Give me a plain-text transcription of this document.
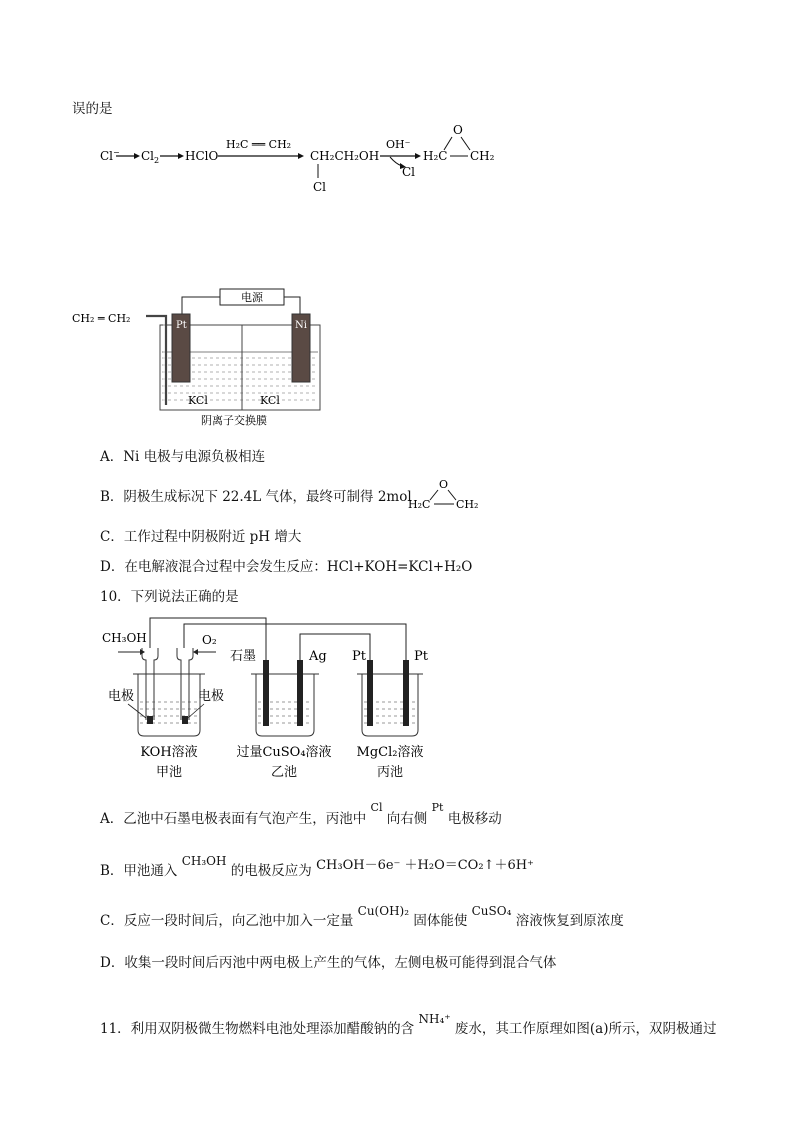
误的是
Cl− $Cl_2$ HClO
H₂C ══ CH₂
CH₂CH₂OH
Cl
OH⁻
Cl
O
H₂C CH₂
电源
Pt	Ni
CH₂ ═ CH₂
KCl	KCl
阴离子交换膜
A．Ni 电极与电源负极相连
B．阴极生成标况下 22.4L 气体，最终可制得 2mol
O
H₂C CH₂
C．工作过程中阴极附近 pH 增大
D．在电解液混合过程中会发生反应：HCl+KOH=KCl+H₂O
10．下列说法正确的是
CH₃OH	O₂
电极	电极
KOH溶液
甲池
石墨	Ag
过量CuSO₄溶液
乙池
Pt	Pt
MgCl₂溶液
丙池
A．乙池中石墨电极表面有气泡产生，丙池中 $^{Cl}$ 向右侧 $^{Pt}$ 电极移动
B．甲池通入 CH₃OH 的电极反应为 CH₃OH－6e⁻ ＋H₂O＝CO₂↑＋6H⁺
C．反应一段时间后，向乙池中加入一定量 Cu(OH)₂ 固体能使 CuSO₄ 溶液恢复到原浓度
D．收集一段时间后丙池中两电极上产生的气体，左侧电极可能得到混合气体
11．利用双阴极微生物燃料电池处理添加醋酸钠的含 NH₄⁺ 废水，其工作原理如图(a)所示，双阴极通过
